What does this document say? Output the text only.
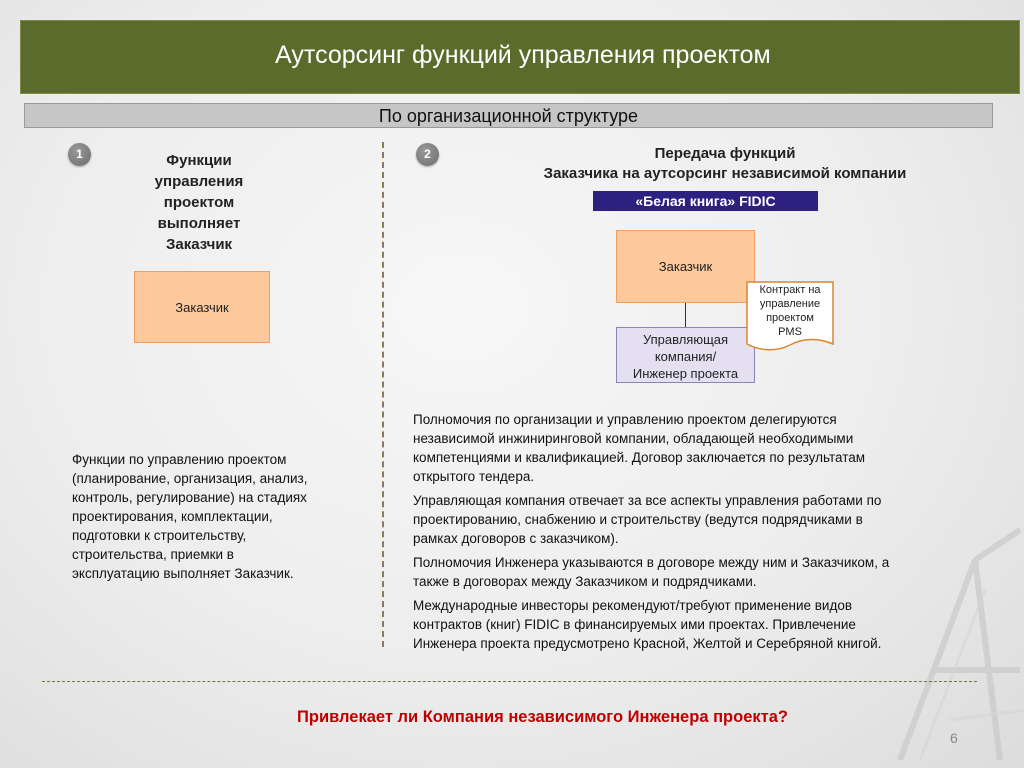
Аутсорсинг функций управления проектом
По организационной структуре
1	Функции
управления
проектом
выполняет
Заказчик
Заказчик
Функции по управлению проектом
(планирование, организация, анализ,
контроль, регулирование) на стадиях
проектирования, комплектации,
подготовки к строительству,
строительства, приемки в
эксплуатацию выполняет Заказчик.
2	Передача функций
Заказчика на аутсорсинг независимой компании
«Белая книга» FIDIC
Заказчик
Управляющая
компания/
Инженер проекта
Контракт на
управление
проектом
PMS
Полномочия по организации и управлению проектом делегируются
независимой инжиниринговой компании, обладающей необходимыми
компетенциями и квалификацией. Договор заключается по результатам
открытого тендера.
Управляющая компания отвечает за все аспекты управления работами по
проектированию, снабжению и строительству (ведутся подрядчиками в
рамках договоров с заказчиком).
Полномочия Инженера указываются в договоре между ним и Заказчиком, а
также в договорах между Заказчиком и подрядчиками.
Международные инвесторы рекомендуют/требуют применение видов
контрактов (книг) FIDIC в финансируемых ими проектах. Привлечение
Инженера проекта предусмотрено Красной, Желтой и Серебряной книгой.
Привлекает ли Компания независимого Инженера проекта?
6
